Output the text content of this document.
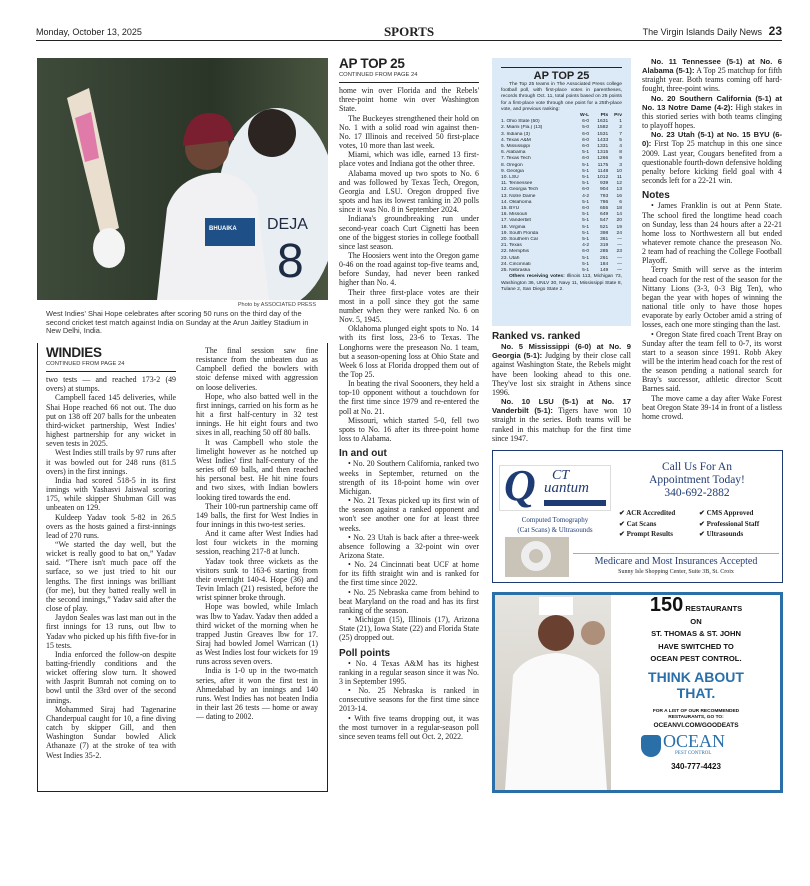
Monday, October 13, 2025	SPORTS	The Virgin Islands Daily News 23
BHUAIKA DEJA
8
Photo by ASSOCIATED PRESS
West Indies' Shai Hope celebrates after scoring 50 runs on the third day of the second cricket test match against India on Sunday at the Arun Jaitley Stadium in New Delhi, India.
WINDIES
CONTINUED FROM PAGE 24

two tests — and reached 173-2 (49 overs) at stumps.

Campbell faced 145 deliveries, while Shai Hope reached 66 not out. The duo put on 138 off 207 balls for the unbeaten third-wicket partnership, West Indies' highest partnership for any wicket in seven tests in 2025.

West Indies still trails by 97 runs after it was bowled out for 248 runs (81.5 overs) in the first innings.

India had scored 518-5 in its first innings with Yashasvi Jaiswal scoring 175, while skipper Shubman Gill was unbeaten on 129.

Kuldeep Yadav took 5-82 in 26.5 overs as the hosts gained a first-innings lead of 270 runs.

“We started the day well, but the wicket is really good to bat on,” Yadav said. “There isn't much pace off the surface, so we just tried to hit our lengths. The first innings was brilliant (for me), but they batted really well in the second innings,” Yadav said after the close of play.

Jaydon Seales was last man out in the first innings for 13 runs, out lbw to Yadav who picked up his fifth five-for in 15 tests.

India enforced the follow-on despite batting-friendly conditions and the wicket offering slow turn. It showed with Jasprit Bumrah not coming on to bowl until the 33rd over of the second innings.

Mohammed Siraj had Tagenarine Chanderpual caught for 10, a fine diving catch by skipper Gill, and then Washington Sundar bowled Alick Athanaze (7) at the stroke of tea with West Indies 35-2.

The final session saw fine resistance from the unbeaten duo as Campbell defied the bowlers with stoic defense mixed with aggression on loose deliveries.

Hope, who also batted well in the first innings, carried on his form as he hit a first half-century in 32 test innings. He hit eight fours and two sixes in all, reaching 50 off 80 balls.

It was Campbell who stole the limelight however as he notched up West Indies' first half-century of the series off 69 balls, and then reached his personal best. He hit nine fours and two sixes, with Indian bowlers looking tired towards the end.

Their 100-run partnership came off 149 balls, the first for West Indies in four innings in this two-test series.

And it came after West Indies had lost four wickets in the morning session, reaching 217-8 at lunch.

Yadav took three wickets as the visitors sunk to 163-6 starting from their overnight 140-4. Hope (36) and Tevin Imlach (21) resisted, before the wrist spinner broke through.

Hope was bowled, while Imlach was lbw to Yadav. Yadav then added a third wicket of the morning when he trapped Justin Greaves lbw for 17. Siraj had bowled Jomel Warrican (1) as West Indies lost four wickets for 19 runs across seven overs.

India is 1-0 up in the two-match series, after it won the first test in Ahmedabad by an innings and 140 runs. West Indies has not beaten India in their last 26 tests — home or away — dating to 2002.

AP TOP 25
CONTINUED FROM PAGE 24

home win over Florida and the Rebels' three-point home win over Washington State.

The Buckeyes strengthened their hold on No. 1 with a solid road win against then-No. 17 Illinois and received 50 first-place votes, 10 more than last week.

Miami, which was idle, earned 13 first-place votes and Indiana got the other three.

Alabama moved up two spots to No. 6 and was followed by Texas Tech, Oregon, Georgia and LSU. Oregon dropped five spots and has its lowest ranking in 20 polls since it was No. 8 in September 2024.

Indiana's groundbreaking run under second-year coach Curt Cignetti has been one of the biggest stories in college football since last season.

The Hoosiers went into the Oregon game 0-46 on the road against top-five teams and, before Sunday, had never been ranked higher than No. 4.

Their three first-place votes are their most in a poll since they got the same number when they were ranked No. 6 on Nov. 5, 1945.

Oklahoma plunged eight spots to No. 14 with its first loss, 23-6 to Texas. The Longhorns were the preseason No. 1 team, but a season-opening loss at Ohio State and Week 6 loss at Florida dropped them out of the Top 25.

In beating the rival Soooners, they held a top-10 opponent without a touchdown for the first time since 1979 and re-entered the poll at No. 21.

Missouri, which started 5-0, fell two spots to No. 16 after its three-point home loss to Alabama.

In and out

• No. 20 Southern California, ranked two weeks in September, returned on the strength of its 18-point home win over Michigan.

• No. 21 Texas picked up its first win of the season against a ranked opponent and won't see another one for at least three weeks.

• No. 23 Utah is back after a three-week absence following a 32-point win over Arizona State.

• No. 24 Cincinnati beat UCF at home for its fifth straight win and is ranked for the first time since 2022.

• No. 25 Nebraska came from behind to beat Maryland on the road and has its first ranking of the season.

• Michigan (15), Illinois (17), Arizona State (21), Iowa State (22) and Florida State (25) dropped out.

Poll points

• No. 4 Texas A&M has its highest ranking in a regular season since it was No. 3 in September 1995.

• No. 25 Nebraska is ranked in consecutive seasons for the first time since 2013-14.

• With five teams dropping out, it was the most turnover in a regular-season poll since seven teams fell out Oct. 2, 2022.

AP TOP 25
The Top 25 teams in The Associated Press college football poll, with first-place votes in parentheses, records through Oct. 11, total points based on 25 points for a first-place vote through one point for a 25th-place vote, and previous ranking:
	W-L	Pts	Prv
1. Ohio State (50)	6-0	1631	1
2. Miami (Fla.) (13)	5-0	1582	2
3. Indiana (3)	6-0	1531	7
4. Texas A&M	6-0	1433	5
5. Mississippi	6-0	1331	4
6. Alabama	5-1	1315	8
7. Texas Tech	6-0	1266	9
8. Oregon	5-1	1175	3
9. Georgia	5-1	1148	10
10. LSU	5-1	1012	11
11. Tennessee	5-1	939	12
12. Georgia Tech	6-0	904	13
13. Notre Dame	4-2	793	16
14. Oklahoma	5-1	786	6
15. BYU	6-0	655	18
16. Missouri	5-1	649	14
17. Vanderbilt	5-1	547	20
18. Virginia	5-1	521	19
19. South Florida	5-1	398	24
20. Southern Cal	5-1	361	—
21. Texas	4-2	319	—
22. Memphis	6-0	285	23
23. Utah	5-1	261	—
24. Cincinnati	5-1	184	—
25. Nebraska	5-1	149	—
Others receiving votes: Illinois 113, Michigan 73, Washington 36, UNLV 30, Navy 11, Mississippi State 8, Tulane 2, San Diego State 2.
Ranked vs. ranked

No. 5 Mississippi (6-0) at No. 9 Georgia (5-1): Judging by their close call against Washington State, the Rebels might have been looking ahead to this one. They've lost six straight in Athens since 1996.

No. 10 LSU (5-1) at No. 17 Vanderbilt (5-1): Tigers have won 10 straight in the series. Both teams will be ranked in this matchup for the first time since 1947.

No. 11 Tennessee (5-1) at No. 6 Alabama (5-1): A Top 25 matchup for fifth straight year. Both teams coming off hard-fought, three-point wins.

No. 20 Southern California (5-1) at No. 13 Notre Dame (4-2): High stakes in this storied series with both teams clinging to playoff hopes.

No. 23 Utah (5-1) at No. 15 BYU (6-0): First Top 25 matchup in this one since 2009. Last year, Cougars benefited from a questionable fourth-down defensive holding penalty before kicking field goal with 4 seconds left for a 22-21 win.

Notes

• James Franklin is out at Penn State. The school fired the longtime head coach on Sunday, less than 24 hours after a 22-21 home loss to Northwestern all but ended whatever remote chance the preseason No. 2 team had of reaching the College Football Playoff.

Terry Smith will serve as the interim head coach for the rest of the season for the Nittany Lions (3-3, 0-3 Big Ten), who began the year with hopes of winning the national title only to have those hopes evaporate by early October amid a string of losses, each one more stinging than the last.

• Oregon State fired coach Trent Bray on Sunday after the team fell to 0-7, its worst start to a season since 1991. Robb Akey will be the interim head coach for the rest of the season pending a national search for Bray's successor, athletic director Scott Barnes said.

The move came a day after Wake Forest beat Oregon State 39-14 in front of a listless home crowd.

Q CT
uantum
Computed Tomography
(Cat Scans) & Ultrasounds
Call Us For An
Appointment Today!
340-692-2882
✔ ACR Accredited	✔ CMS Approved
✔ Cat Scans	✔ Professional Staff
✔ Prompt Results	✔ Ultrasounds
Medicare and Most Insurances Accepted
Sunny Isle Shopping Center, Suite 3B, St. Croix
150 RESTAURANTS
ON
ST. THOMAS & ST. JOHN
HAVE SWITCHED TO
OCEAN PEST CONTROL.
THINK ABOUT
THAT.
FOR A LIST OF OUR RECOMMENDED
RESTAURANTS, GO TO:
OCEANVI.COM/GOODEATS
OCEAN
PEST CONTROL
340-777-4423
